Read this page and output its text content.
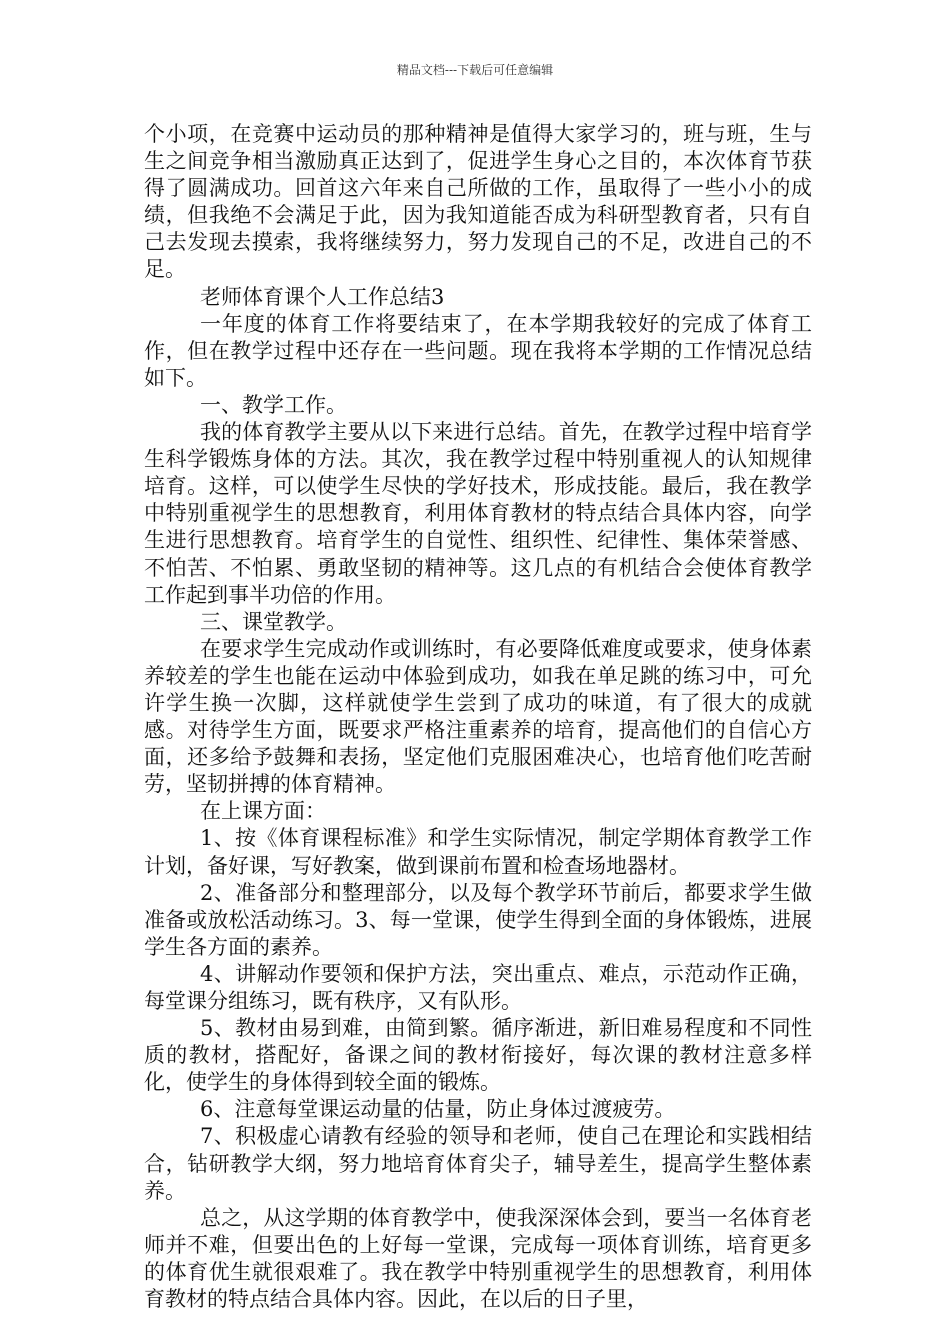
精品文档---下载后可任意编辑

个小项，在竞赛中运动员的那种精神是值得大家学习的，班与班，生与生之间竞争相当激励真正达到了，促进学生身心之目的，本次体育节获得了圆满成功。回首这六年来自己所做的工作，虽取得了一些小小的成绩，但我绝不会满足于此，因为我知道能否成为科研型教育者，只有自己去发现去摸索，我将继续努力，努力发现自己的不足，改进自己的不足。

老师体育课个人工作总结3

一年度的体育工作将要结束了，在本学期我较好的完成了体育工作，但在教学过程中还存在一些问题。现在我将本学期的工作情况总结如下。

一、教学工作。

我的体育教学主要从以下来进行总结。首先，在教学过程中培育学生科学锻炼身体的方法。其次，我在教学过程中特别重视人的认知规律培育。这样，可以使学生尽快的学好技术，形成技能。最后，我在教学中特别重视学生的思想教育，利用体育教材的特点结合具体内容，向学生进行思想教育。培育学生的自觉性、组织性、纪律性、集体荣誉感、不怕苦、不怕累、勇敢坚韧的精神等。这几点的有机结合会使体育教学工作起到事半功倍的作用。

三、课堂教学。

在要求学生完成动作或训练时，有必要降低难度或要求，使身体素养较差的学生也能在运动中体验到成功，如我在单足跳的练习中，可允许学生换一次脚，这样就使学生尝到了成功的味道，有了很大的成就感。对待学生方面，既要求严格注重素养的培育，提高他们的自信心方面，还多给予鼓舞和表扬，坚定他们克服困难决心，也培育他们吃苦耐劳，坚韧拼搏的体育精神。

在上课方面：

1、按《体育课程标准》和学生实际情况，制定学期体育教学工作计划，备好课，写好教案，做到课前布置和检查场地器材。

2、准备部分和整理部分，以及每个教学环节前后，都要求学生做准备或放松活动练习。3、每一堂课，使学生得到全面的身体锻炼，进展学生各方面的素养。

4、讲解动作要领和保护方法，突出重点、难点，示范动作正确，每堂课分组练习，既有秩序，又有队形。

5、教材由易到难，由简到繁。循序渐进，新旧难易程度和不同性质的教材，搭配好，备课之间的教材衔接好，每次课的教材注意多样化，使学生的身体得到较全面的锻炼。

6、注意每堂课运动量的估量，防止身体过渡疲劳。

7、积极虚心请教有经验的领导和老师，使自己在理论和实践相结合，钻研教学大纲，努力地培育体育尖子，辅导差生，提高学生整体素养。

总之，从这学期的体育教学中，使我深深体会到，要当一名体育老师并不难，但要出色的上好每一堂课，完成每一项体育训练，培育更多的体育优生就很艰难了。我在教学中特别重视学生的思想教育，利用体育教材的特点结合具体内容。因此，在以后的日子里，
